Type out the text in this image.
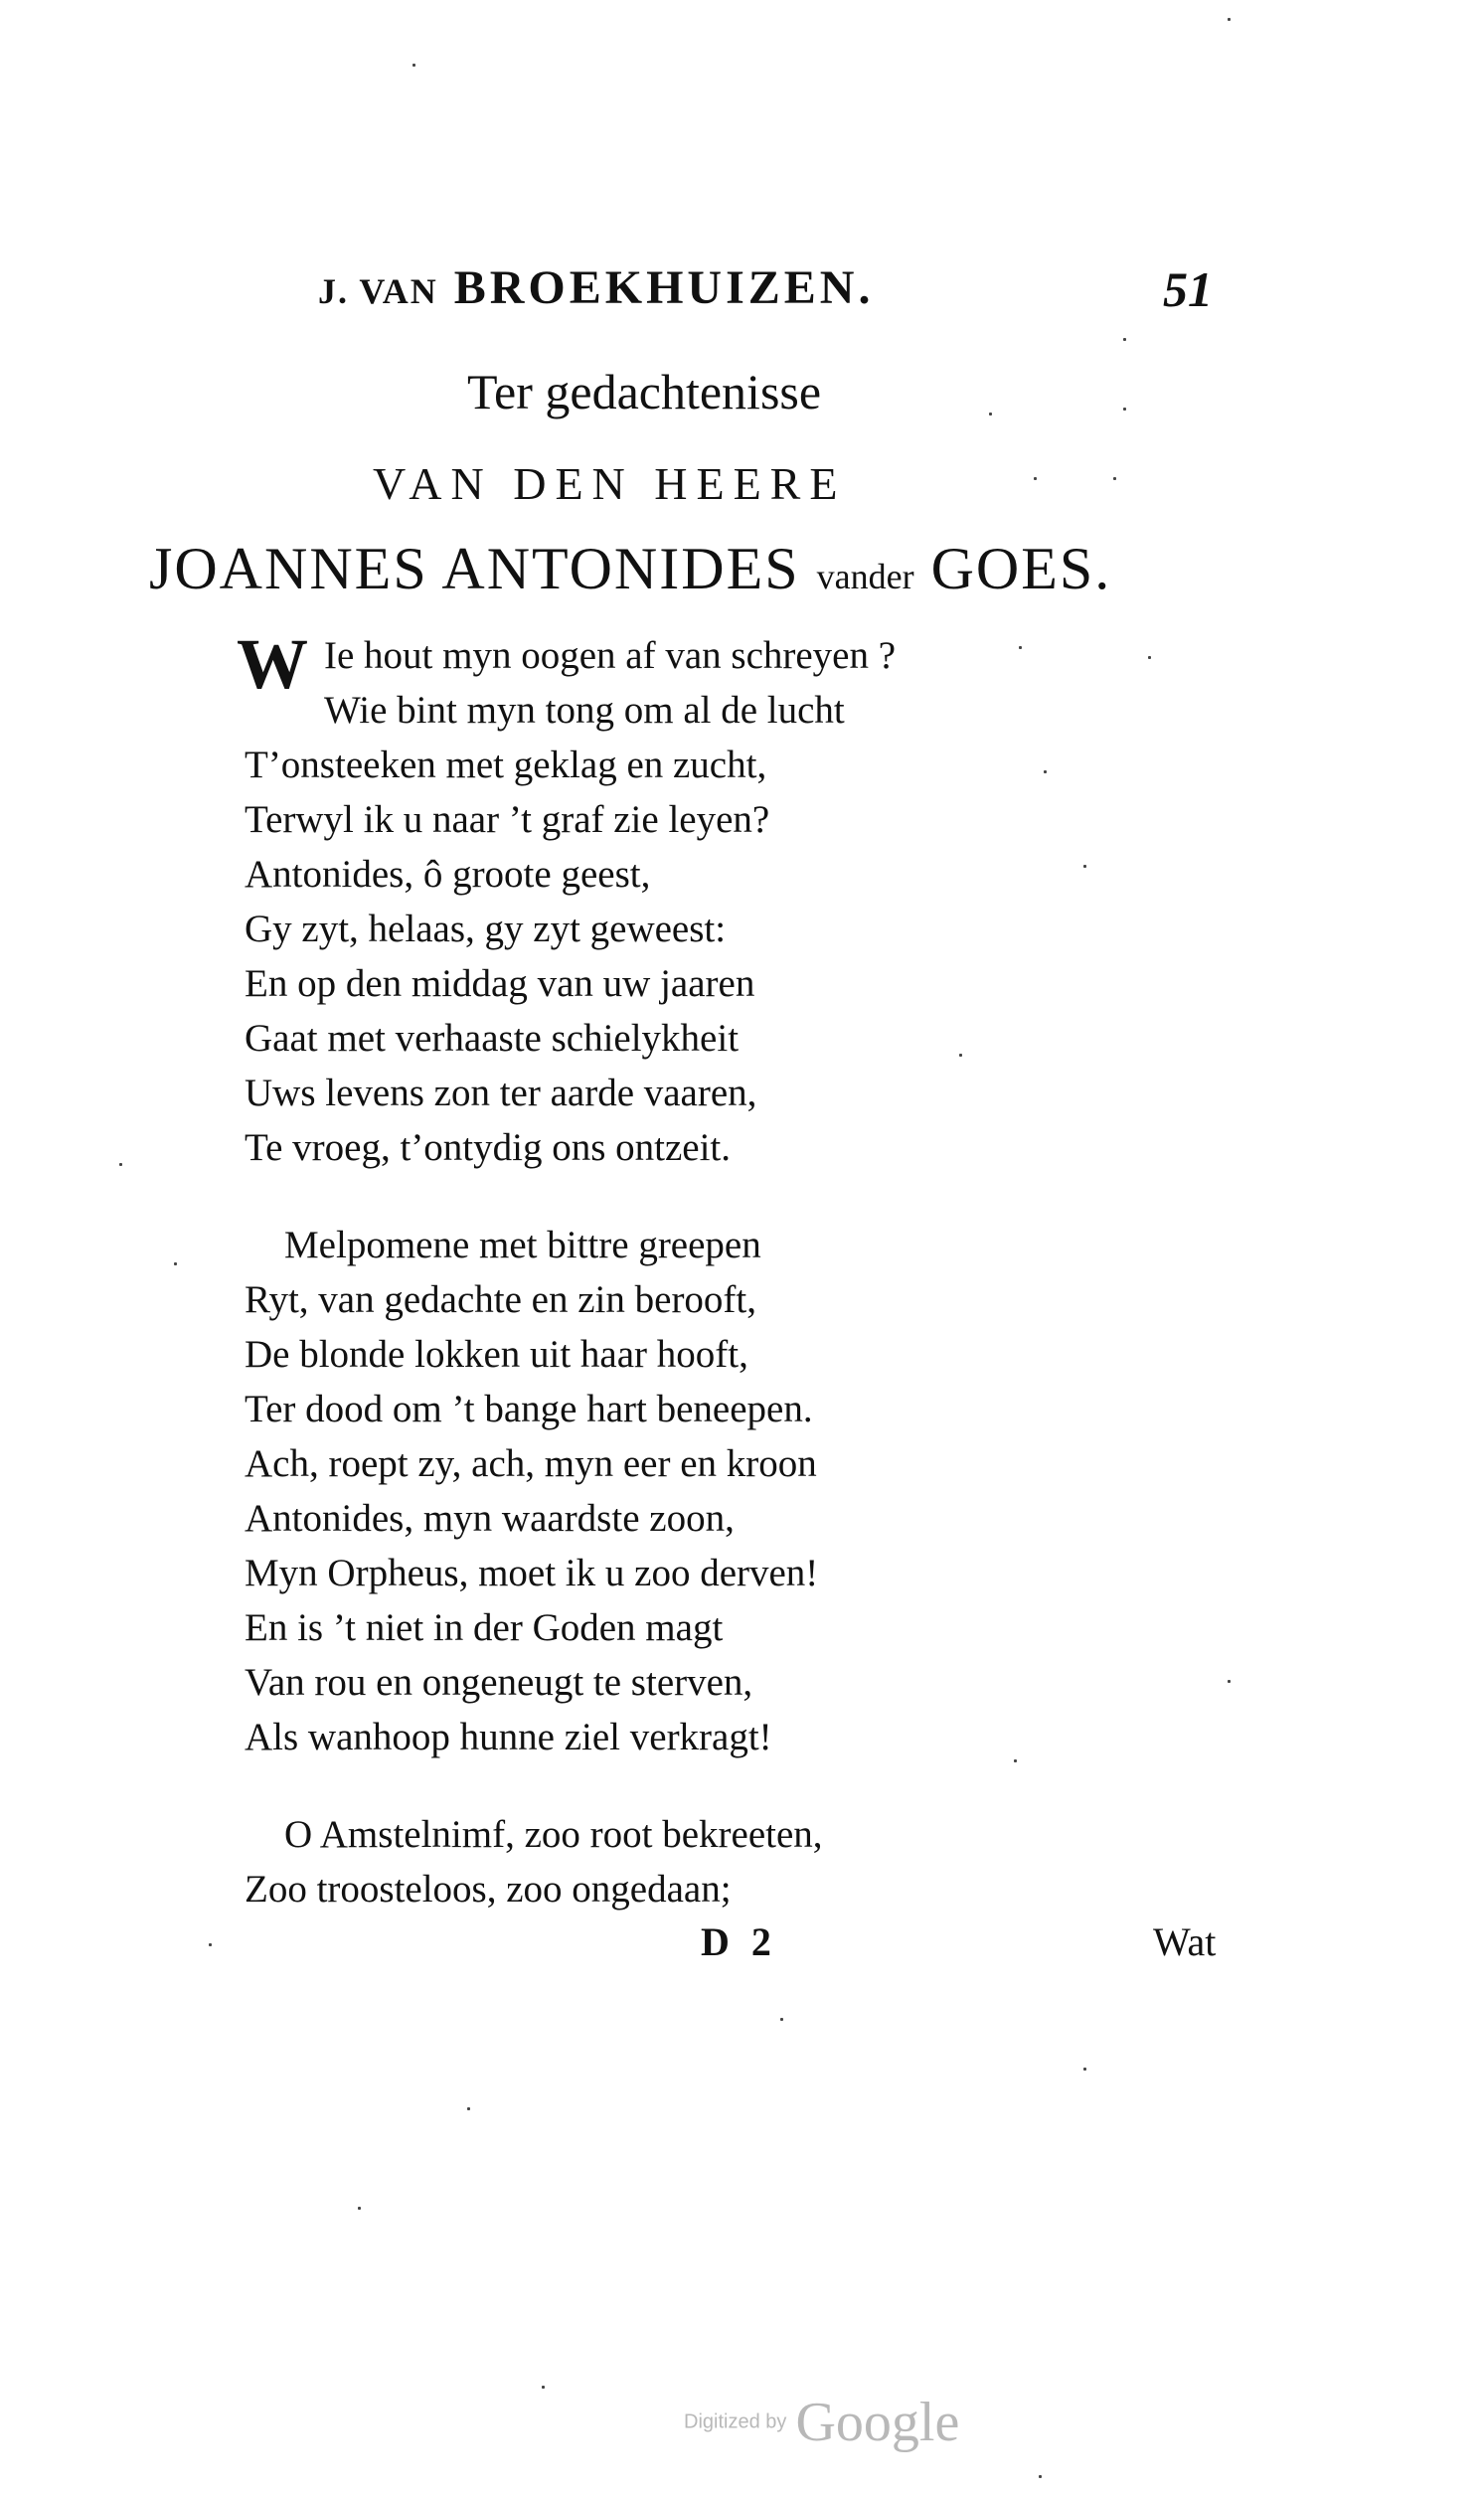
J. VAN BROEKHUIZEN.	51
Ter gedachtenisse
VAN DEN HEERE
JOANNES ANTONIDES vander GOES.
W Ie hout myn oogen af van schreyen ?
Wie bint myn tong om al de lucht
T’onsteeken met geklag en zucht,
Terwyl ik u naar ’t graf zie leyen?
Antonides, ô groote geest,
Gy zyt, helaas, gy zyt geweest:
En op den middag van uw jaaren
Gaat met verhaaste schielykheit
Uws levens zon ter aarde vaaren,
Te vroeg, t’ontydig ons ontzeit.
Melpomene met bittre greepen
Ryt, van gedachte en zin berooft,
De blonde lokken uit haar hooft,
Ter dood om ’t bange hart beneepen.
Ach, roept zy, ach, myn eer en kroon
Antonides, myn waardste zoon,
Myn Orpheus, moet ik u zoo derven!
En is ’t niet in der Goden magt
Van rou en ongeneugt te sterven,
Als wanhoop hunne ziel verkragt!
O Amstelnimf, zoo root bekreeten,
Zoo troosteloos, zoo ongedaan;
D 2	Wat
Digitized by Google
